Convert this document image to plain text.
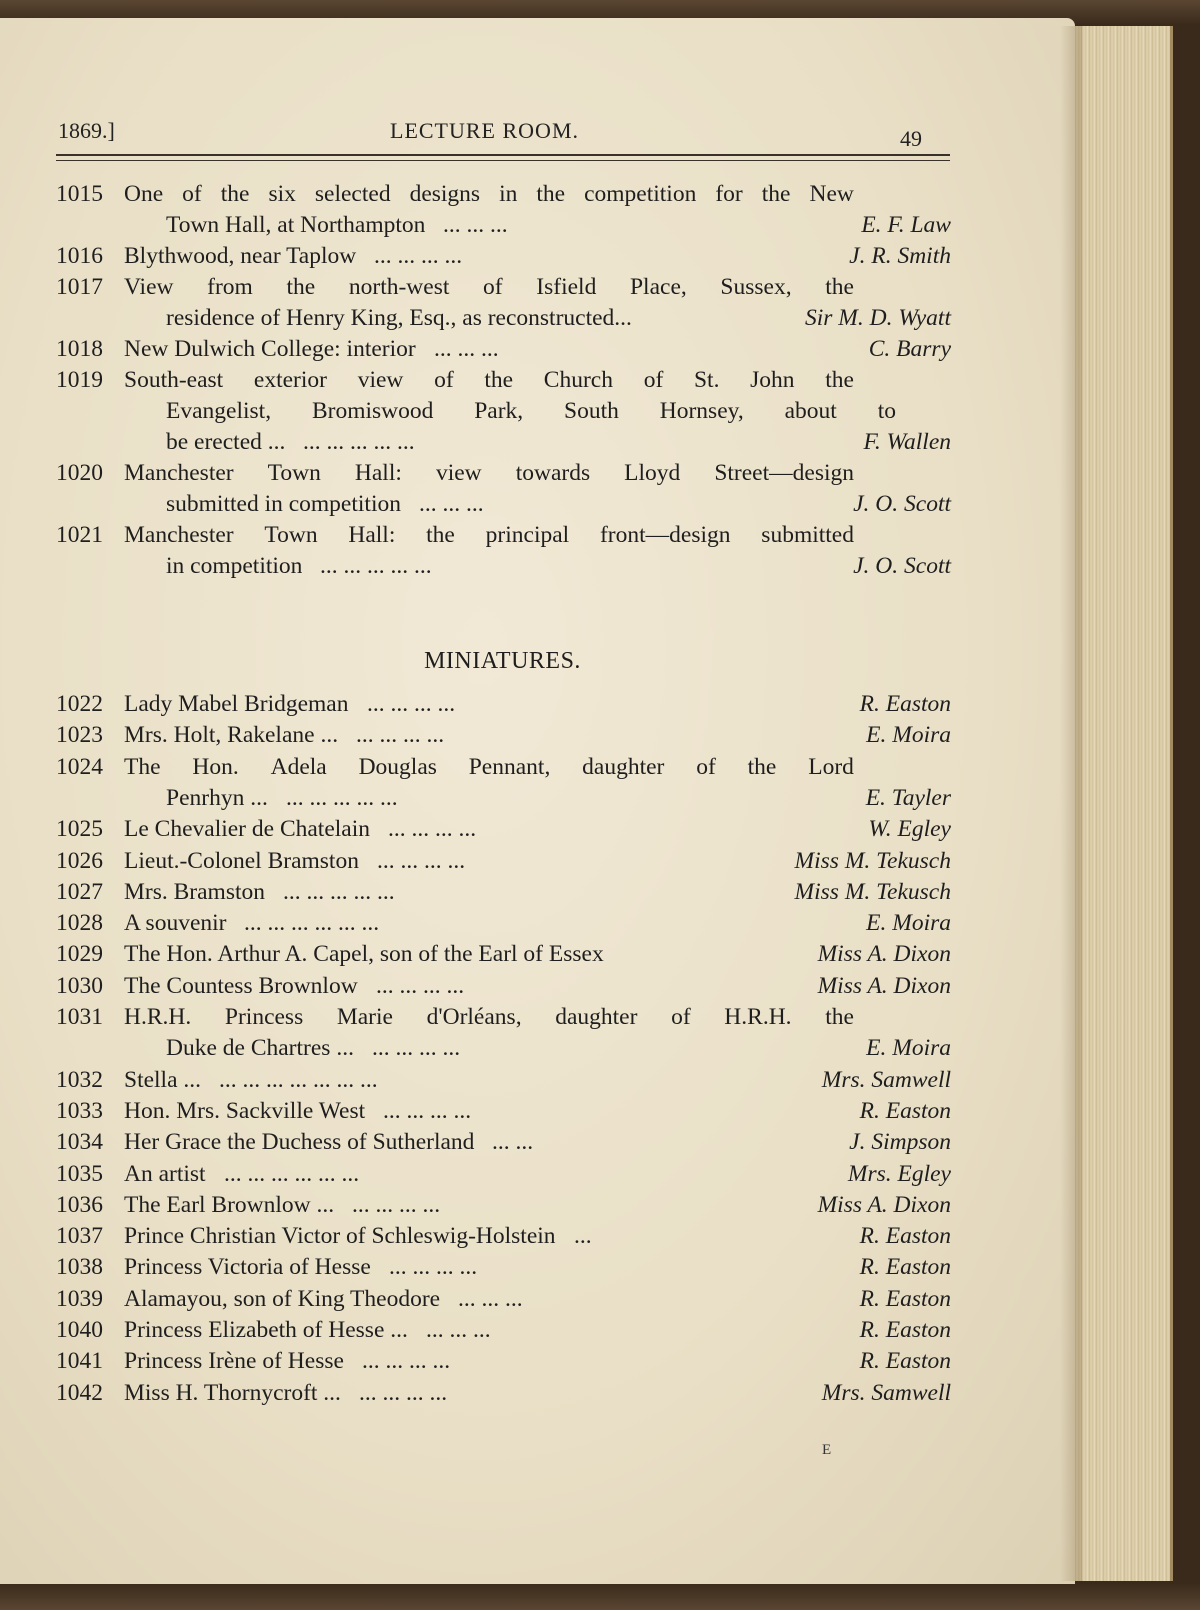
1869.]	LECTURE ROOM.	49
1015 One of the six selected designs in the competition for the New
Town Hall, at Northampton ... ... ...	E. F. Law
1016 Blythwood, near Taplow ... ... ... ...	J. R. Smith
1017 View from the north-west of Isfield Place, Sussex, the
residence of Henry King, Esq., as reconstructed...	Sir M. D. Wyatt
1018 New Dulwich College: interior ... ... ...	C. Barry
1019 South-east exterior view of the Church of St. John the
Evangelist, Bromiswood Park, South Hornsey, about to
be erected ... ... ... ... ... ...	F. Wallen
1020 Manchester Town Hall: view towards Lloyd Street—design
submitted in competition ... ... ...	J. O. Scott
1021 Manchester Town Hall: the principal front—design submitted
in competition ... ... ... ... ...	J. O. Scott
MINIATURES.
1022 Lady Mabel Bridgeman ... ... ... ...	R. Easton
1023 Mrs. Holt, Rakelane ... ... ... ... ...	E. Moira
1024 The Hon. Adela Douglas Pennant, daughter of the Lord
Penrhyn ... ... ... ... ... ...	E. Tayler
1025 Le Chevalier de Chatelain ... ... ... ...	W. Egley
1026 Lieut.-Colonel Bramston ... ... ... ...	Miss M. Tekusch
1027 Mrs. Bramston ... ... ... ... ...	Miss M. Tekusch
1028 A souvenir ... ... ... ... ... ...	E. Moira
1029 The Hon. Arthur A. Capel, son of the Earl of Essex	Miss A. Dixon
1030 The Countess Brownlow ... ... ... ...	Miss A. Dixon
1031 H.R.H. Princess Marie d'Orléans, daughter of H.R.H. the
Duke de Chartres ... ... ... ... ...	E. Moira
1032 Stella ... ... ... ... ... ... ... ...	Mrs. Samwell
1033 Hon. Mrs. Sackville West ... ... ... ...	R. Easton
1034 Her Grace the Duchess of Sutherland ... ...	J. Simpson
1035 An artist ... ... ... ... ... ...	Mrs. Egley
1036 The Earl Brownlow ... ... ... ... ...	Miss A. Dixon
1037 Prince Christian Victor of Schleswig-Holstein ...	R. Easton
1038 Princess Victoria of Hesse ... ... ... ...	R. Easton
1039 Alamayou, son of King Theodore ... ... ...	R. Easton
1040 Princess Elizabeth of Hesse ... ... ... ...	R. Easton
1041 Princess Irène of Hesse ... ... ... ...	R. Easton
1042 Miss H. Thornycroft ... ... ... ... ...	Mrs. Samwell
E
